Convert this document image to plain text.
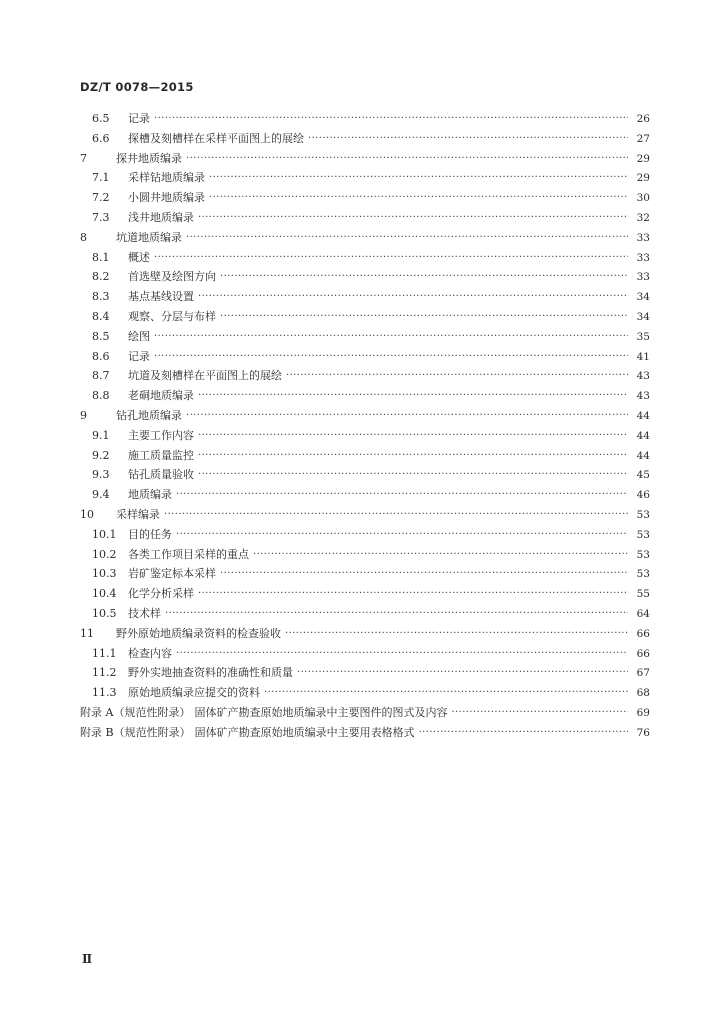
DZ/T 0078—2015
6.5	记录 ·····	26
6.6	探槽及刻槽样在采样平面图上的展绘 ·····	27
7	探井地质编录 ·····	29
7.1	采样钻地质编录 ·····	29
7.2	小圆井地质编录 ·····	30
7.3	浅井地质编录 ·····	32
8	坑道地质编录 ·····	33
8.1	概述 ·····	33
8.2	首选壁及绘图方向 ·····	33
8.3	基点基线设置 ·····	34
8.4	观察、分层与布样 ·····	34
8.5	绘图 ·····	35
8.6	记录 ·····	41
8.7	坑道及刻槽样在平面图上的展绘 ·····	43
8.8	老硐地质编录 ·····	43
9	钻孔地质编录 ·····	44
9.1	主要工作内容 ·····	44
9.2	施工质量监控 ·····	44
9.3	钻孔质量验收 ·····	45
9.4	地质编录 ·····	46
10	采样编录 ·····	53
10.1	目的任务 ·····	53
10.2	各类工作项目采样的重点 ·····	53
10.3	岩矿鉴定标本采样 ·····	53
10.4	化学分析采样 ·····	55
10.5	技术样 ·····	64
11	野外原始地质编录资料的检查验收 ·····	66
11.1	检查内容 ·····	66
11.2	野外实地抽查资料的准确性和质量 ·····	67
11.3	原始地质编录应提交的资料 ·····	68
附录 A（规范性附录） 固体矿产勘查原始地质编录中主要图件的图式及内容 ·····	69
附录 B（规范性附录） 固体矿产勘查原始地质编录中主要用表格格式 ·····	76
Ⅱ
